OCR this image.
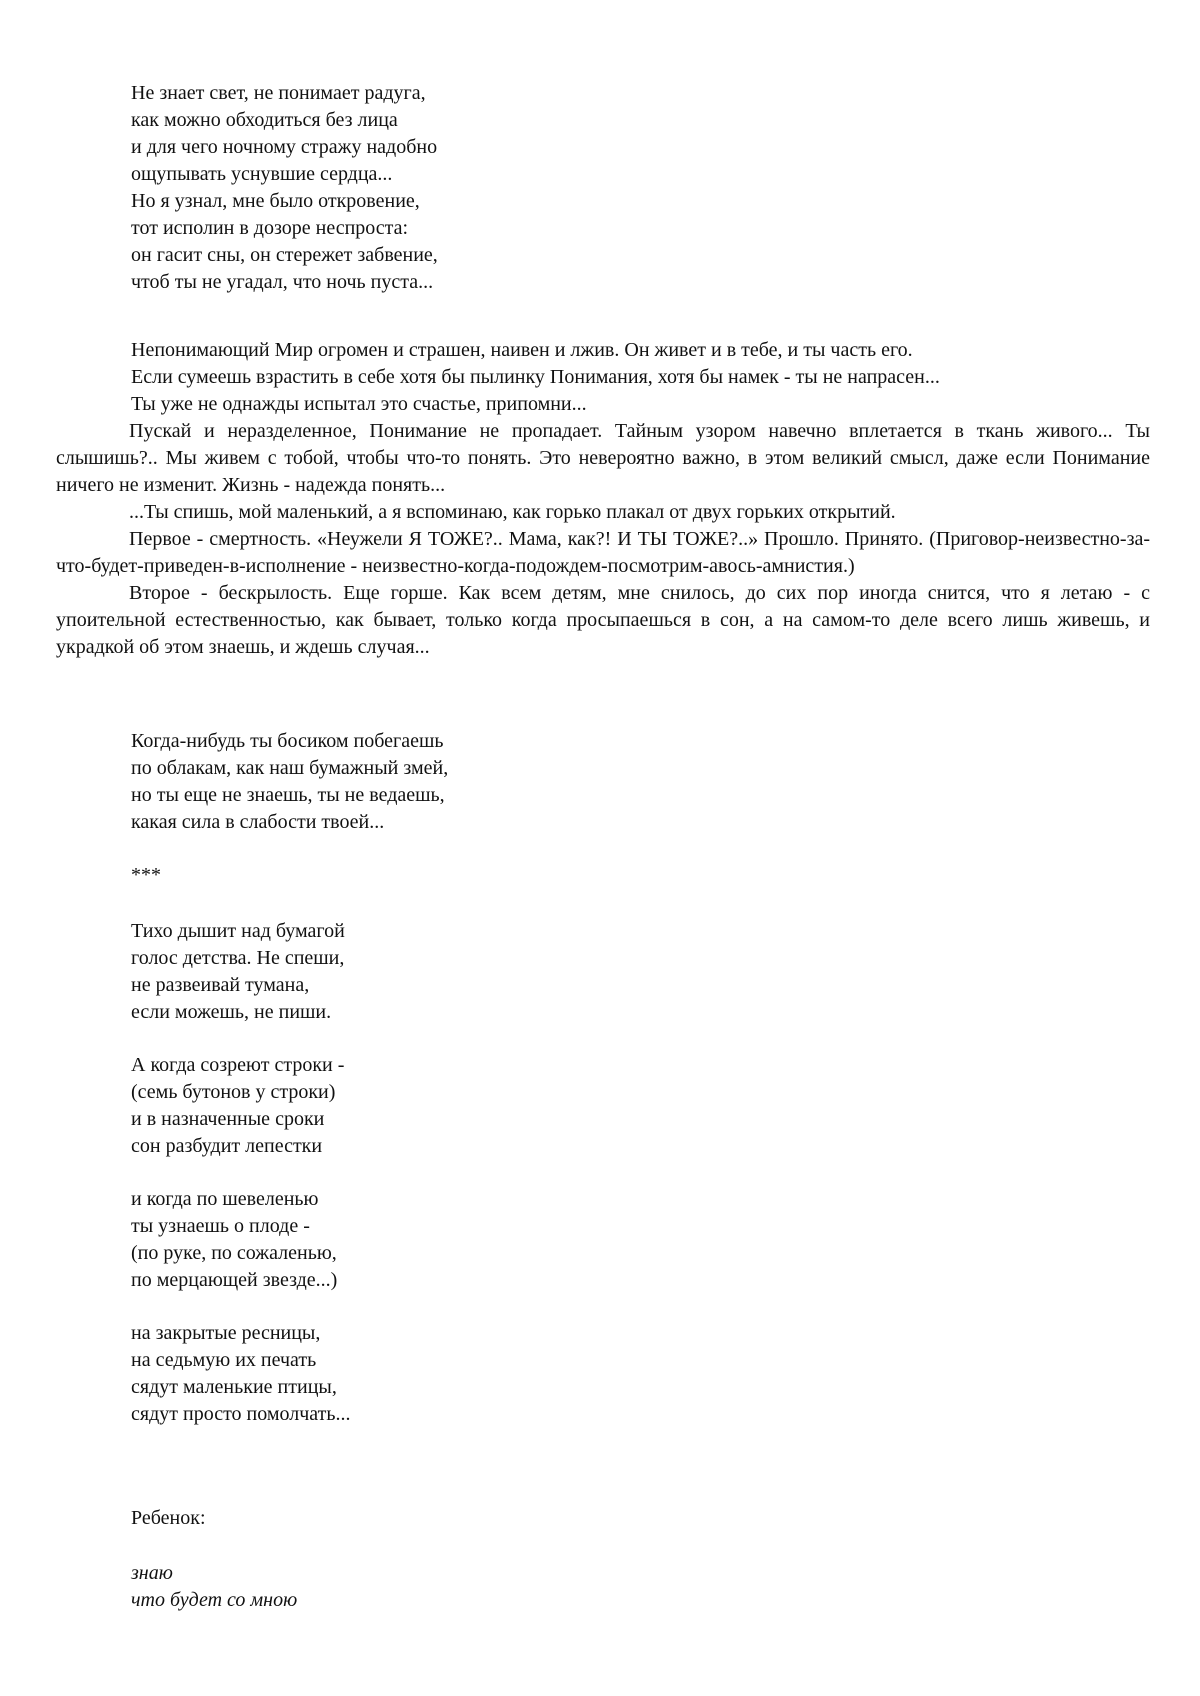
Не знает свет, не понимает радуга,
как можно обходиться без лица
и для чего ночному стражу надобно
ощупывать уснувшие сердца...
Но я узнал, мне было откровение,
тот исполин в дозоре неспроста:
он гасит сны, он стережет забвение,
чтоб ты не угадал, что ночь пуста...

Непонимающий Мир огромен и страшен, наивен и лжив. Он живет и в тебе, и ты часть его.

Если сумеешь взрастить в себе хотя бы пылинку Понимания, хотя бы намек - ты не напрасен...

Ты уже не однажды испытал это счастье, припомни...

Пускай и неразделенное, Понимание не пропадает. Тайным узором навечно вплетается в ткань живого... Ты слышишь?.. Мы живем с тобой, чтобы что-то понять. Это невероятно важно, в этом великий смысл, даже если Понимание ничего не изменит. Жизнь - надежда понять...

...Ты спишь, мой маленький, а я вспоминаю, как горько плакал от двух горьких открытий.

Первое - смертность. «Неужели Я ТОЖЕ?.. Мама, как?! И ТЫ ТОЖЕ?..» Прошло. Принято. (Приговор-неизвестно-за-что-будет-приведен-в-исполнение - неизвестно-когда-подождем-посмотрим-авось-амнистия.)

Второе - бескрылость. Еще горше. Как всем детям, мне снилось, до сих пор иногда снится, что я летаю - с упоительной естественностью, как бывает, только когда просыпаешься в сон, а на самом-то деле всего лишь живешь, и украдкой об этом знаешь, и ждешь случая...

Когда-нибудь ты босиком побегаешь
по облакам, как наш бумажный змей,
но ты еще не знаешь, ты не ведаешь,
какая сила в слабости твоей...
***
Тихо дышит над бумагой
голос детства. Не спеши,
не развеивай тумана,
если можешь, не пиши.
А когда созреют строки -
(семь бутонов у строки)
и в назначенные сроки
сон разбудит лепестки
и когда по шевеленью
ты узнаешь о плоде -
(по руке, по сожаленью,
по мерцающей звезде...)
на закрытые ресницы,
на седьмую их печать
сядут маленькие птицы,
сядут просто помолчать...
Ребенок:
знаю
что будет со мною
